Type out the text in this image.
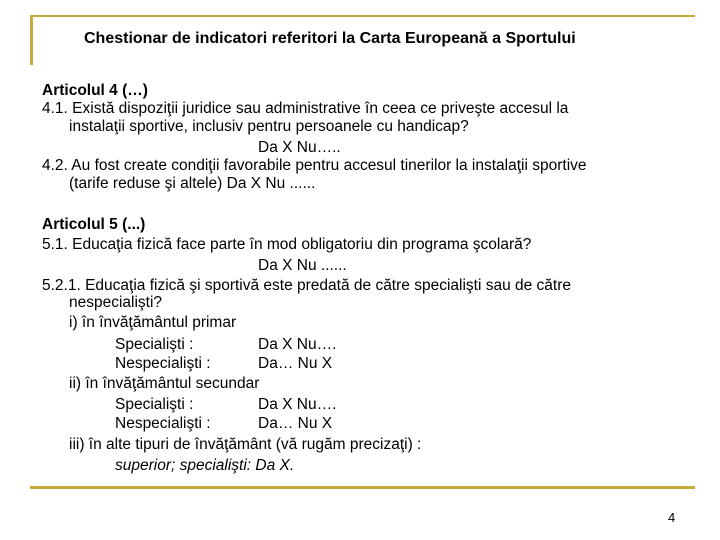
Chestionar de indicatori referitori la Carta Europeană a Sportului
Articolul 4 (…)
4.1. Există dispoziţii juridice sau administrative în ceea ce priveşte accesul la
instalaţii sportive, inclusiv pentru persoanele cu handicap?
Da X Nu…..
4.2. Au fost create condiţii favorabile pentru accesul tinerilor la instalaţii sportive
(tarife reduse şi altele) Da X Nu ......
Articolul 5 (...)
5.1. Educaţia fizică face parte în mod obligatoriu din programa şcolară?
Da X Nu ......
5.2.1. Educaţia fizică şi sportivă este predată de către specialişti sau de către
nespecialişti?
i) în învăţământul primar
Specialişti :	Da X Nu….
Nespecialişti :	Da… Nu X
ii) în învăţământul secundar
Specialişti :	Da X Nu….
Nespecialişti :	Da… Nu X
iii) în alte tipuri de învăţământ (vă rugăm precizaţi) :
superior; specialişti: Da X.
4
